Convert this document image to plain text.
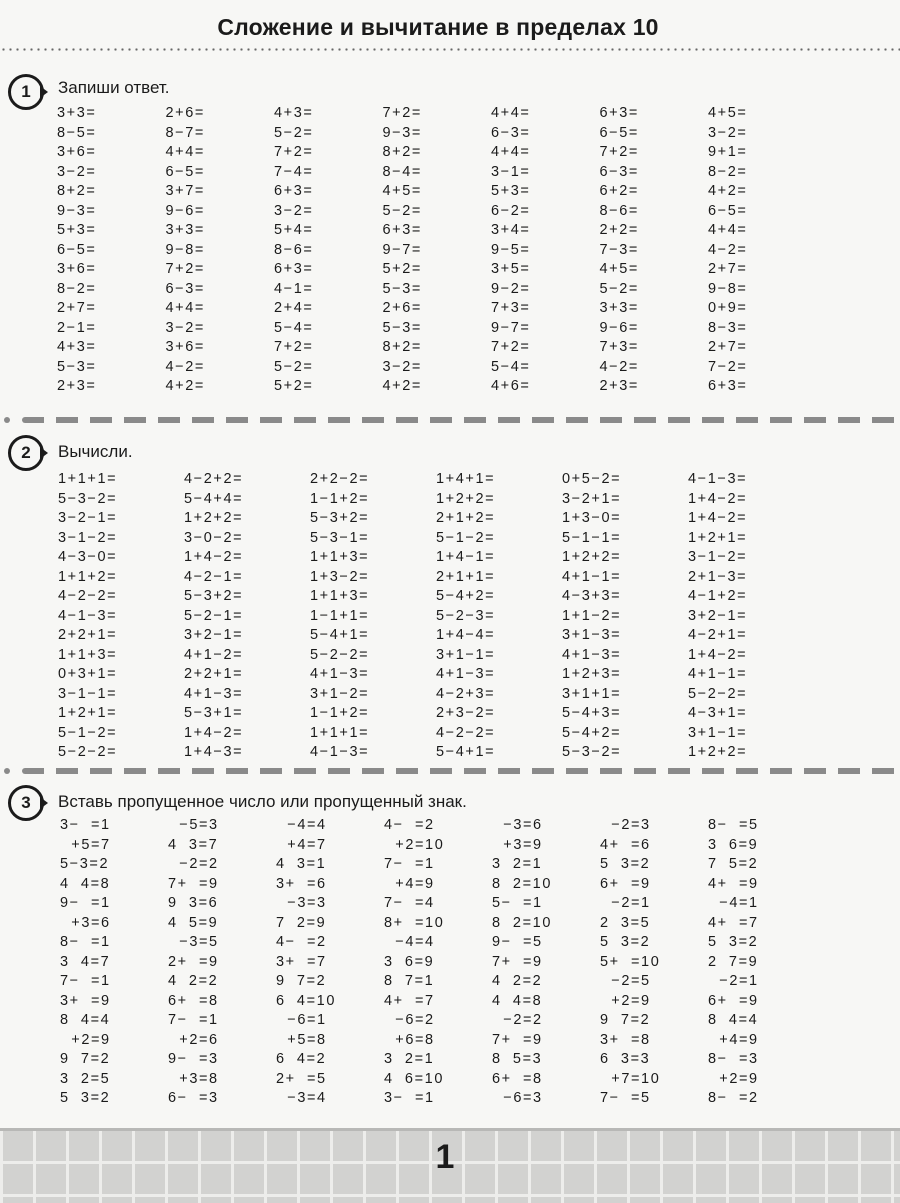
Сложение и вычитание в пределах 10
1	Запиши ответ.
3+3=	2+6=	4+3=	7+2=	4+4=	6+3=	4+5=
8−5=	8−7=	5−2=	9−3=	6−3=	6−5=	3−2=
3+6=	4+4=	7+2=	8+2=	4+4=	7+2=	9+1=
3−2=	6−5=	7−4=	8−4=	3−1=	6−3=	8−2=
8+2=	3+7=	6+3=	4+5=	5+3=	6+2=	4+2=
9−3=	9−6=	3−2=	5−2=	6−2=	8−6=	6−5=
5+3=	3+3=	5+4=	6+3=	3+4=	2+2=	4+4=
6−5=	9−8=	8−6=	9−7=	9−5=	7−3=	4−2=
3+6=	7+2=	6+3=	5+2=	3+5=	4+5=	2+7=
8−2=	6−3=	4−1=	5−3=	9−2=	5−2=	9−8=
2+7=	4+4=	2+4=	2+6=	7+3=	3+3=	0+9=
2−1=	3−2=	5−4=	5−3=	9−7=	9−6=	8−3=
4+3=	3+6=	7+2=	8+2=	7+2=	7+3=	2+7=
5−3=	4−2=	5−2=	3−2=	5−4=	4−2=	7−2=
2+3=	4+2=	5+2=	4+2=	4+6=	2+3=	6+3=
2	Вычисли.
1+1+1=	4−2+2=	2+2−2=	1+4+1=	0+5−2=	4−1−3=
5−3−2=	5−4+4=	1−1+2=	1+2+2=	3−2+1=	1+4−2=
3−2−1=	1+2+2=	5−3+2=	2+1+2=	1+3−0=	1+4−2=
3−1−2=	3−0−2=	5−3−1=	5−1−2=	5−1−1=	1+2+1=
4−3−0=	1+4−2=	1+1+3=	1+4−1=	1+2+2=	3−1−2=
1+1+2=	4−2−1=	1+3−2=	2+1+1=	4+1−1=	2+1−3=
4−2−2=	5−3+2=	1+1+3=	5−4+2=	4−3+3=	4−1+2=
4−1−3=	5−2−1=	1−1+1=	5−2−3=	1+1−2=	3+2−1=
2+2+1=	3+2−1=	5−4+1=	1+4−4=	3+1−3=	4−2+1=
1+1+3=	4+1−2=	5−2−2=	3+1−1=	4+1−3=	1+4−2=
0+3+1=	2+2+1=	4+1−3=	4+1−3=	1+2+3=	4+1−1=
3−1−1=	4+1−3=	3+1−2=	4−2+3=	3+1+1=	5−2−2=
1+2+1=	5−3+1=	1−1+2=	2+3−2=	5−4+3=	4−3+1=
5−1−2=	1+4−2=	1+1+1=	4−2−2=	5−4+2=	3+1−1=
5−2−2=	1+4−3=	4−1−3=	5−4+1=	5−3−2=	1+2+2=
3	Вставь пропущенное число или пропущенный знак.
3−  =1	−5=3	−4=4	4−  =2	−3=6	−2=3	8−  =5
+5=7	4  3=7	+4=7	+2=10	+3=9	4+  =6	3  6=9
5−3=2	−2=2	4  3=1	7−  =1	3  2=1	5  3=2	7  5=2
4  4=8	7+  =9	3+  =6	+4=9	8  2=10	6+  =9	4+  =9
9−  =1	9  3=6	−3=3	7−  =4	5−  =1	−2=1	−4=1
+3=6	4  5=9	7  2=9	8+  =10	8  2=10	2  3=5	4+  =7
8−  =1	−3=5	4−  =2	−4=4	9−  =5	5  3=2	5  3=2
3  4=7	2+  =9	3+  =7	3  6=9	7+  =9	5+  =10	2  7=9
7−  =1	4  2=2	9  7=2	8  7=1	4  2=2	−2=5	−2=1
3+  =9	6+  =8	6  4=10	4+  =7	4  4=8	+2=9	6+  =9
8  4=4	7−  =1	−6=1	−6=2	−2=2	9  7=2	8  4=4
+2=9	+2=6	+5=8	+6=8	7+  =9	3+  =8	+4=9
9  7=2	9−  =3	6  4=2	3  2=1	8  5=3	6  3=3	8−  =3
3  2=5	+3=8	2+  =5	4  6=10	6+  =8	+7=10	+2=9
5  3=2	6−  =3	−3=4	3−  =1	−6=3	7−  =5	8−  =2
1
